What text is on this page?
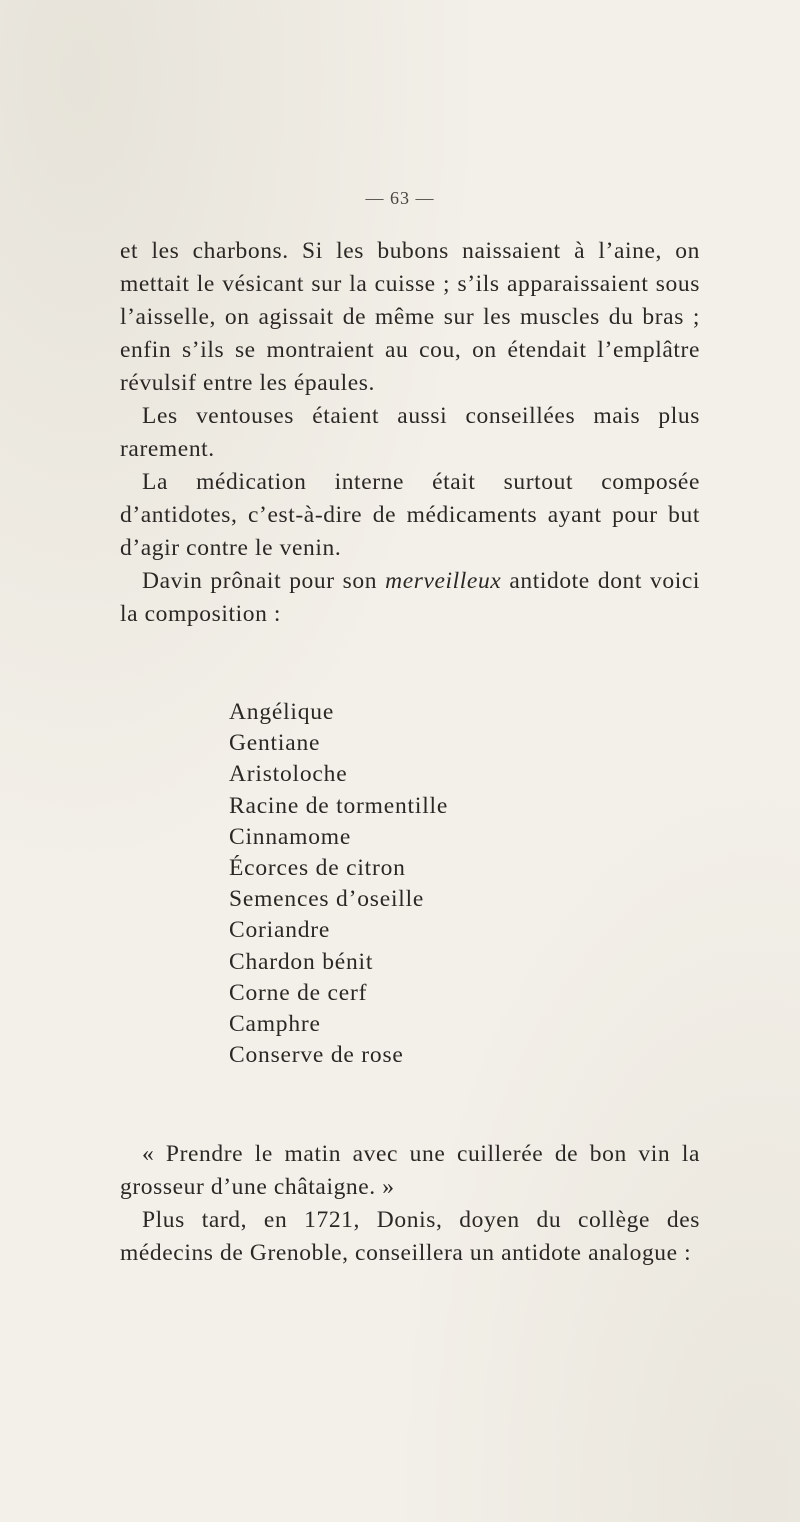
— 63 —

et les charbons. Si les bubons naissaient à l’aine, on mettait le vésicant sur la cuisse ; s’ils apparaissaient sous l’aisselle, on agissait de même sur les muscles du bras ; enfin s’ils se montraient au cou, on étendait l’emplâtre révulsif entre les épaules.

Les ventouses étaient aussi conseillées mais plus rarement.

La médication interne était surtout composée d’antidotes, c’est-à-dire de médicaments ayant pour but d’agir contre le venin.

Davin prônait pour son merveilleux antidote dont voici la composition :

Angélique
Gentiane
Aristoloche
Racine de tormentille
Cinnamome
Écorces de citron
Semences d’oseille
Coriandre
Chardon bénit
Corne de cerf
Camphre
Conserve de rose

« Prendre le matin avec une cuillerée de bon vin la grosseur d’une châtaigne. »

Plus tard, en 1721, Donis, doyen du collège des médecins de Grenoble, conseillera un antidote analogue :
